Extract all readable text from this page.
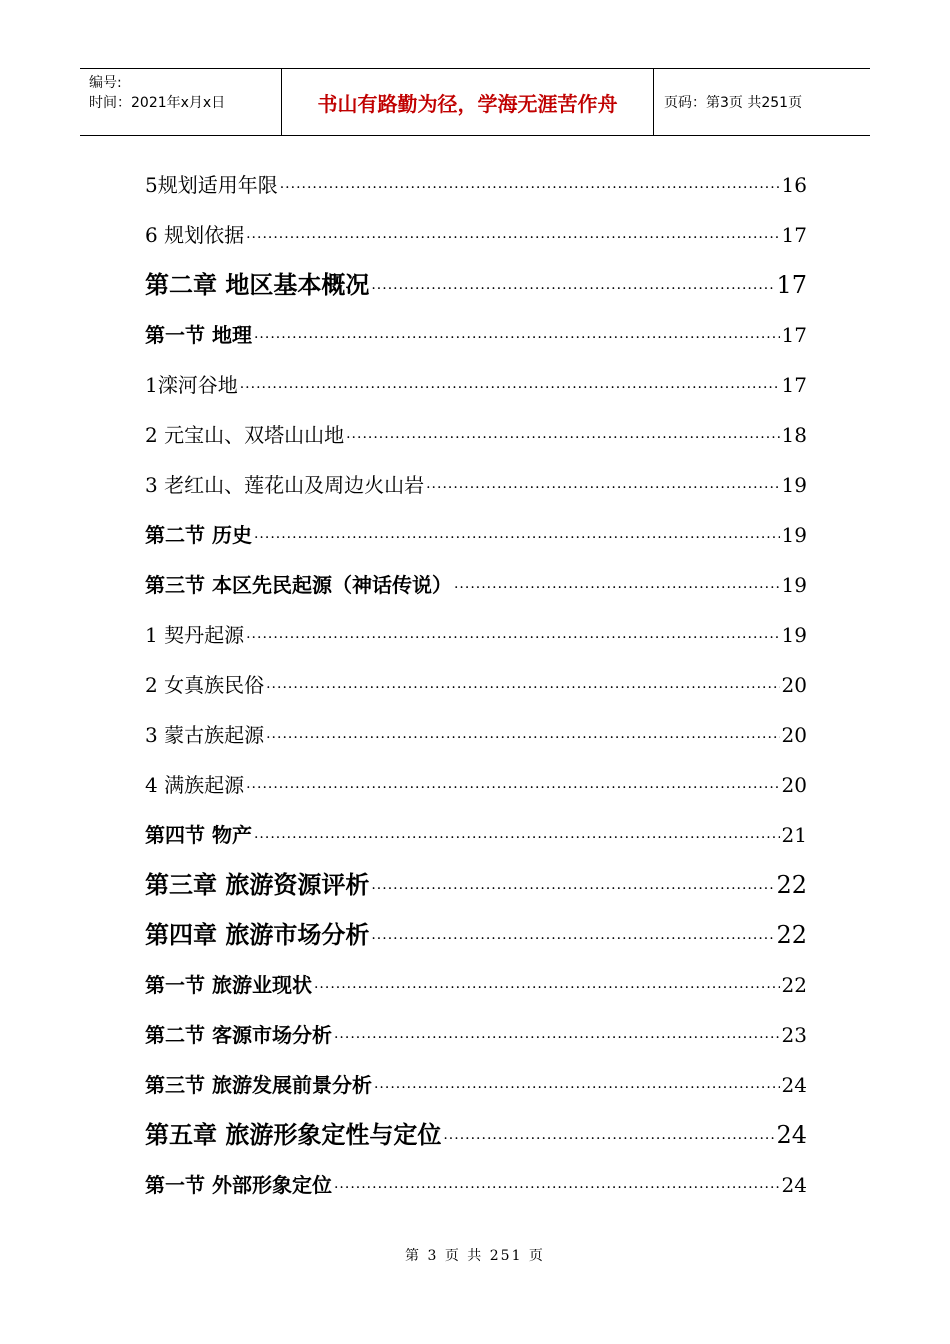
编号:
时间：2021年x月x日	书山有路勤为径，学海无涯苦作舟	页码：第3页 共251页
5规划适用年限 ·····	16
6 规划依据 ·····	17
第二章 地区基本概况 ·····	17
第一节 地理 ·····	17
1滦河谷地 ·····	17
2 元宝山、双塔山山地 ·····	18
3 老红山、莲花山及周边火山岩 ·····	19
第二节 历史 ·····	19
第三节 本区先民起源（神话传说） ·····	19
1 契丹起源 ·····	19
2 女真族民俗 ·····	20
3 蒙古族起源 ·····	20
4 满族起源 ·····	20
第四节 物产 ·····	21
第三章 旅游资源评析 ·····	22
第四章 旅游市场分析 ·····	22
第一节 旅游业现状 ·····	22
第二节 客源市场分析 ·····	23
第三节 旅游发展前景分析 ·····	24
第五章 旅游形象定性与定位 ·····	24
第一节 外部形象定位 ·····	24
第 3 页 共 251 页
